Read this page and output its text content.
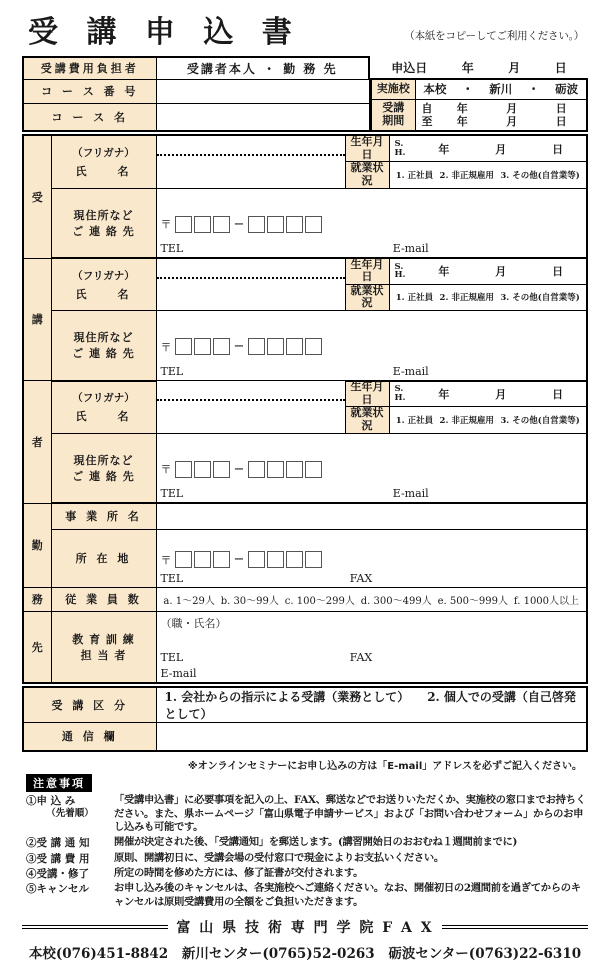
受 講 申 込 書	（本紙をコピーしてご利用ください。）
受講費用負担者	受講者本人 ・ 勤 務 先
コ ー ス 番 号	
コ ー ス 名	
申込日	年	月	日
実施校	本校 ・ 新川 ・ 砺波

受講
期間

自	年	月	日
至	年	月	日
受	
（フリガナ）
氏　　名

	生年月日	
S.
H.	年	月	日

			就業状況	1. 正社員 2. 非正規雇用 3. その他(自営業等)

現住所など
ご 連 絡 先	〒	−
TEL	E-mail

講	
（フリガナ）
氏　　名

	生年月日	
S.
H.	年	月	日

			就業状況	1. 正社員 2. 非正規雇用 3. その他(自営業等)

現住所など
ご 連 絡 先	〒	−
TEL	E-mail

者	
（フリガナ）
氏　　名

	生年月日	
S.
H.	年	月	日

			就業状況	1. 正社員 2. 非正規雇用 3. その他(自営業等)

現住所など
ご 連 絡 先	〒	−
TEL	E-mail

勤	事 業 所 名			
	所 在 地	〒 −
TEL FAX		

務	従 業 員 数	a. 1〜29人 b. 30〜99人 c. 100〜299人 d. 300〜499人 e. 500〜999人 f. 1000人以上

先	
教 育 訓 練
担 当 者

（職・氏名）
TEL	FAX
E-mail
受 講 区 分	1. 会社からの指示による受講（業務として）　　2. 個人での受講（自己啓発として）

通 信 欄	
※オンラインセミナーにお申し込みの方は「E-mail」アドレスを必ずご記入ください。
注意事項
①申 込 み
（先着順）
「受講申込書」に必要事項を記入の上、FAX、郵送などでお送りいただくか、実施校の窓口までお持ちください。また、県ホームページ「富山県電子申請サービス」および「お問い合わせフォーム」からのお申し込みも可能です。
②受 講 通 知	開催が決定された後、「受講通知」を郵送します。(講習開始日のおおむね１週間前までに)
③受 講 費 用	原則、開講初日に、受講会場の受付窓口で現金によりお支払いください。
④受講・修了	所定の時間を修めた方には、修了証書が交付されます。
⑤キャンセル	お申し込み後のキャンセルは、各実施校へご連絡ください。なお、開催初日の2週間前を過ぎてからのキャンセルは原則受講費用の全額をご負担いただきます。
富 山 県 技 術 専 門 学 院 F A X
本校(076)451-8842 新川センター(0765)52-0263 砺波センター(0763)22-6310
